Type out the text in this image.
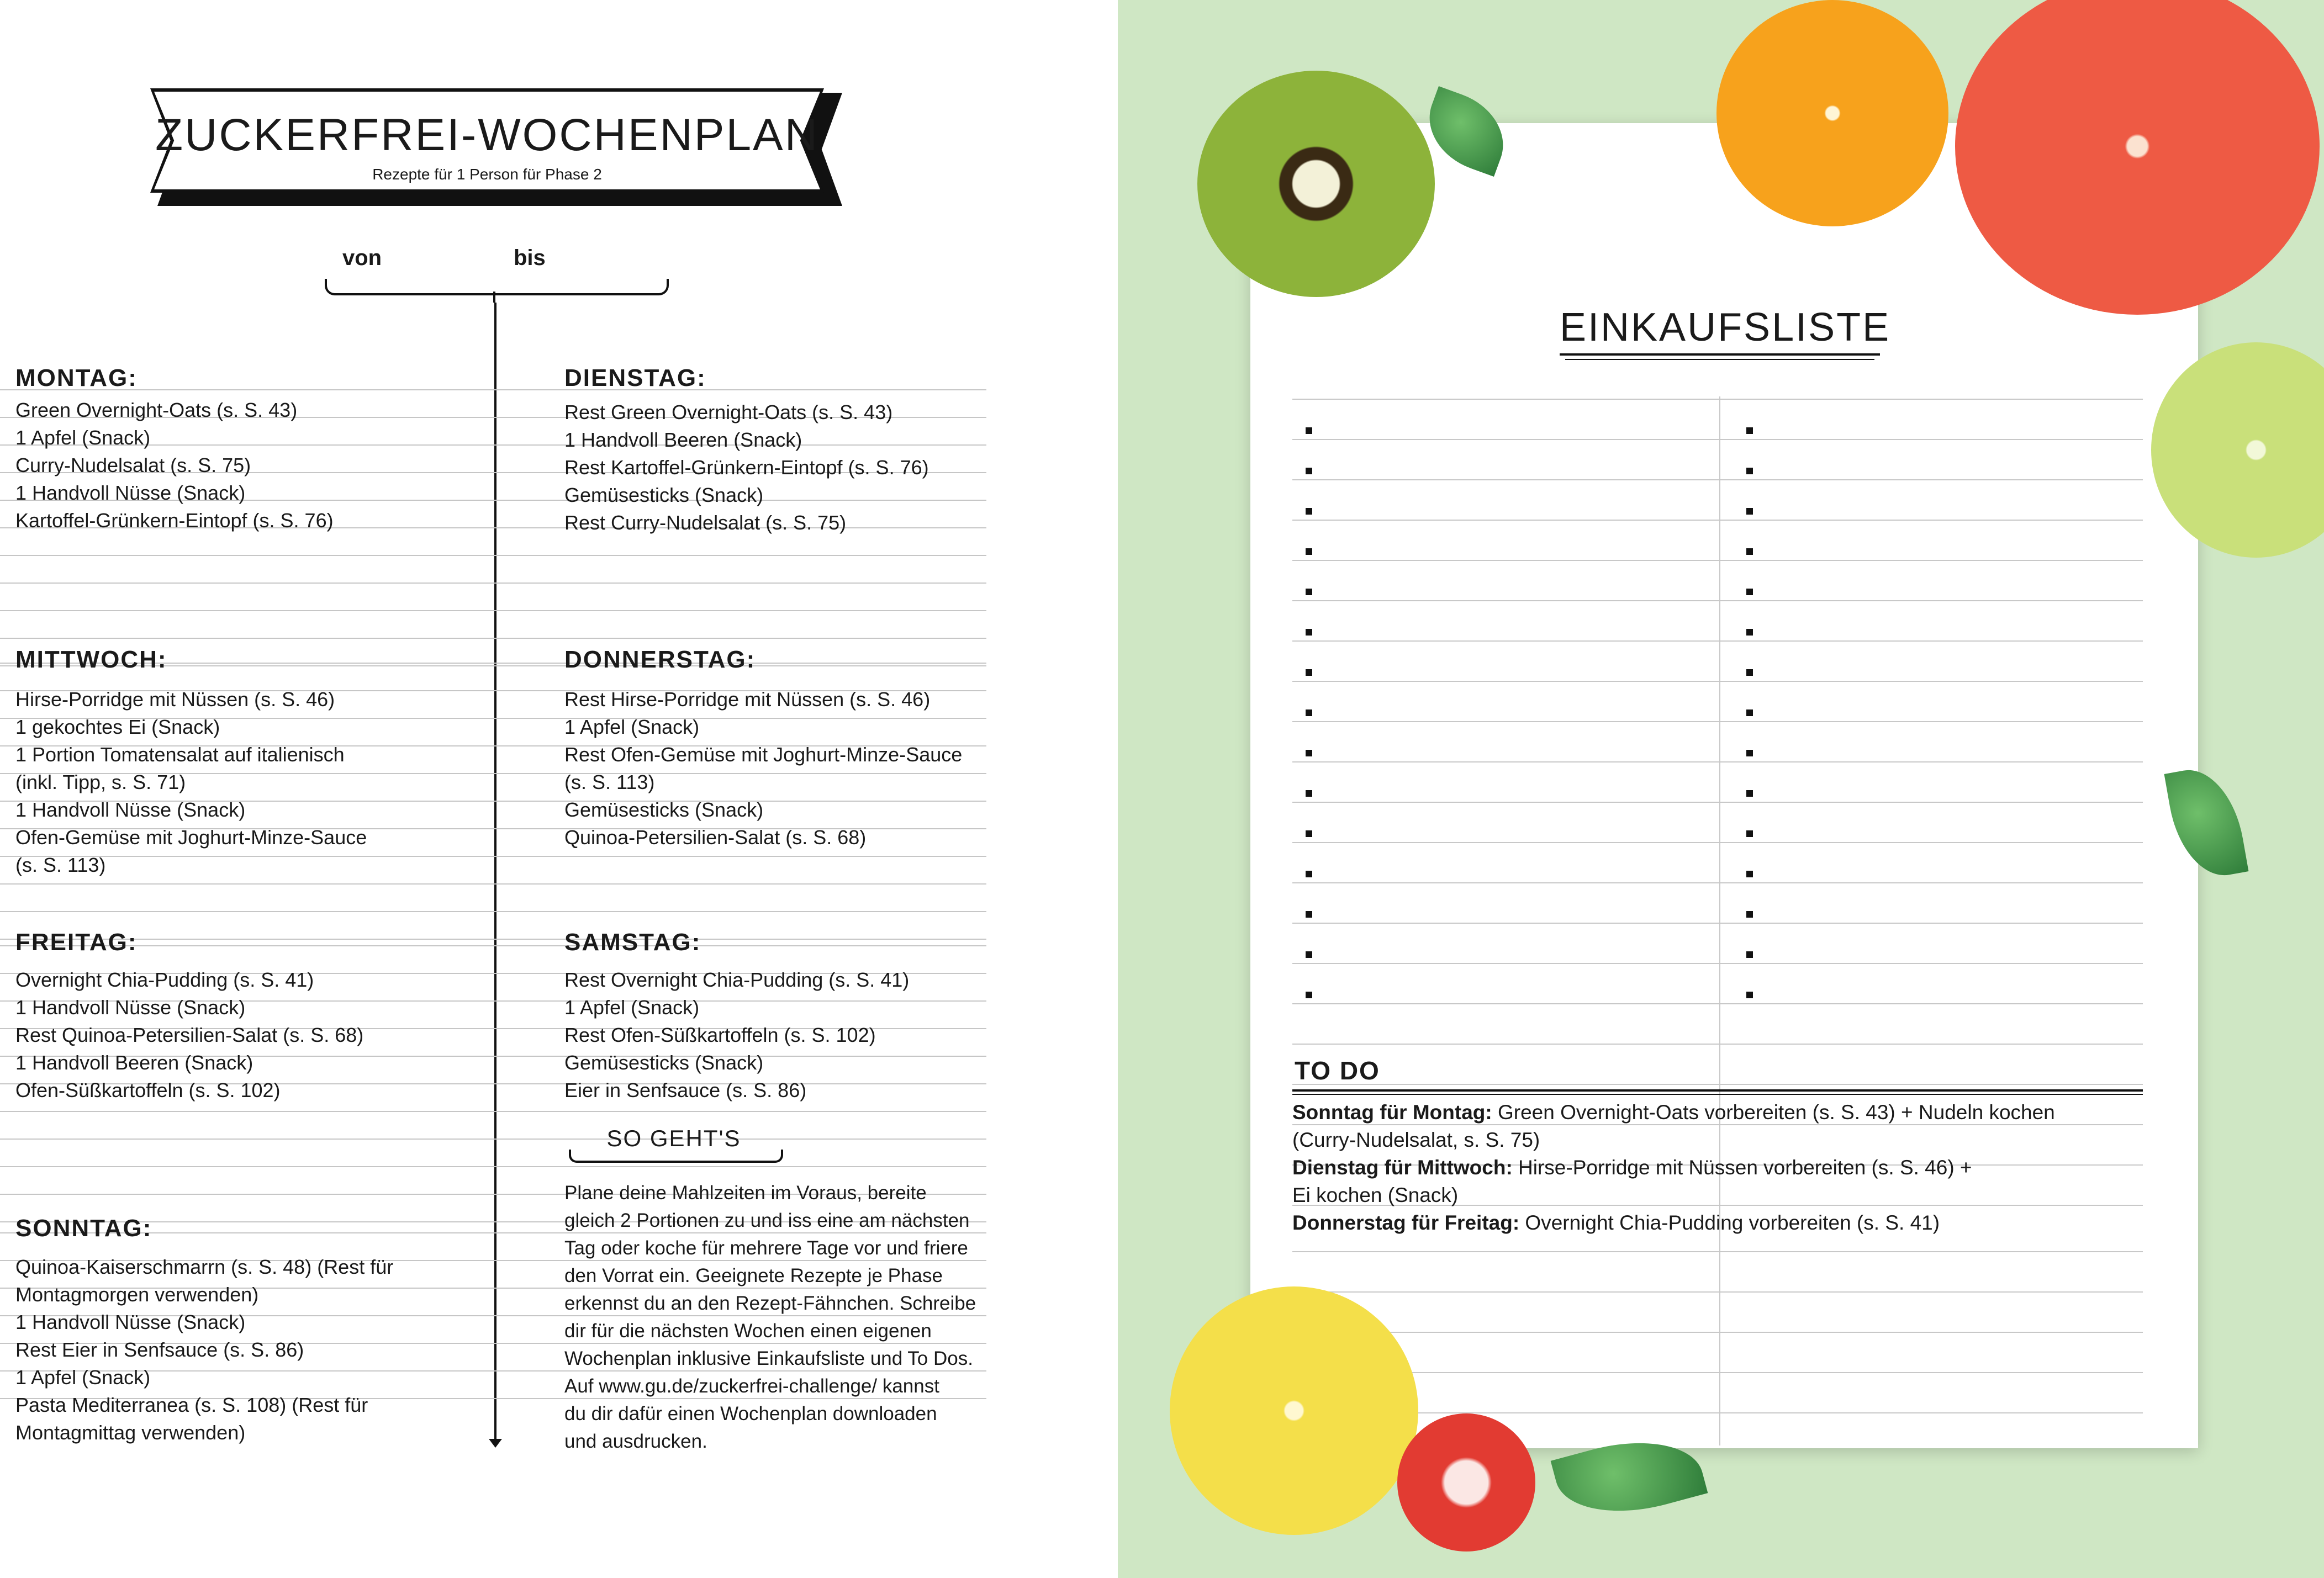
ZUCKERFREI-WOCHENPLAN
Rezepte für 1 Person für Phase 2
von	bis
MONTAG:
Green Overnight-Oats (s. S. 43)
1 Apfel (Snack)
Curry-Nudelsalat (s. S. 75)
1 Handvoll Nüsse (Snack)
Kartoffel-Grünkern-Eintopf (s. S. 76)
DIENSTAG:
Rest Green Overnight-Oats (s. S. 43)
1 Handvoll Beeren (Snack)
Rest Kartoffel-Grünkern-Eintopf (s. S. 76)
Gemüsesticks (Snack)
Rest Curry-Nudelsalat (s. S. 75)
MITTWOCH:
Hirse-Porridge mit Nüssen (s. S. 46)
1 gekochtes Ei (Snack)
1 Portion Tomatensalat auf italienisch
(inkl. Tipp, s. S. 71)
1 Handvoll Nüsse (Snack)
Ofen-Gemüse mit Joghurt-Minze-Sauce
(s. S. 113)
DONNERSTAG:
Rest Hirse-Porridge mit Nüssen (s. S. 46)
1 Apfel (Snack)
Rest Ofen-Gemüse mit Joghurt-Minze-Sauce
(s. S. 113)
Gemüsesticks (Snack)
Quinoa-Petersilien-Salat (s. S. 68)
FREITAG:
Overnight Chia-Pudding (s. S. 41)
1 Handvoll Nüsse (Snack)
Rest Quinoa-Petersilien-Salat (s. S. 68)
1 Handvoll Beeren (Snack)
Ofen-Süßkartoffeln (s. S. 102)
SAMSTAG:
Rest Overnight Chia-Pudding (s. S. 41)
1 Apfel (Snack)
Rest Ofen-Süßkartoffeln (s. S. 102)
Gemüsesticks (Snack)
Eier in Senfsauce (s. S. 86)
SONNTAG:
Quinoa-Kaiserschmarrn (s. S. 48) (Rest für
Montagmorgen verwenden)
1 Handvoll Nüsse (Snack)
Rest Eier in Senfsauce (s. S. 86)
1 Apfel (Snack)
Pasta Mediterranea (s. S. 108) (Rest für
Montagmittag verwenden)
SO GEHT'S
Plane deine Mahlzeiten im Voraus, bereite
gleich 2 Portionen zu und iss eine am nächsten
Tag oder koche für mehrere Tage vor und friere
den Vorrat ein. Geeignete Rezepte je Phase
erkennst du an den Rezept-Fähnchen. Schreibe
dir für die nächsten Wochen einen eigenen
Wochenplan inklusive Einkaufsliste und To Dos.
Auf www.gu.de/zuckerfrei-challenge/ kannst
du dir dafür einen Wochenplan downloaden
und ausdrucken.
EINKAUFSLISTE
TO DO
Sonntag für Montag: Green Overnight-Oats vorbereiten (s. S. 43) + Nudeln kochen
(Curry-Nudelsalat, s. S. 75)
Dienstag für Mittwoch: Hirse-Porridge mit Nüssen vorbereiten (s. S. 46) +
Ei kochen (Snack)
Donnerstag für Freitag: Overnight Chia-Pudding vorbereiten (s. S. 41)
